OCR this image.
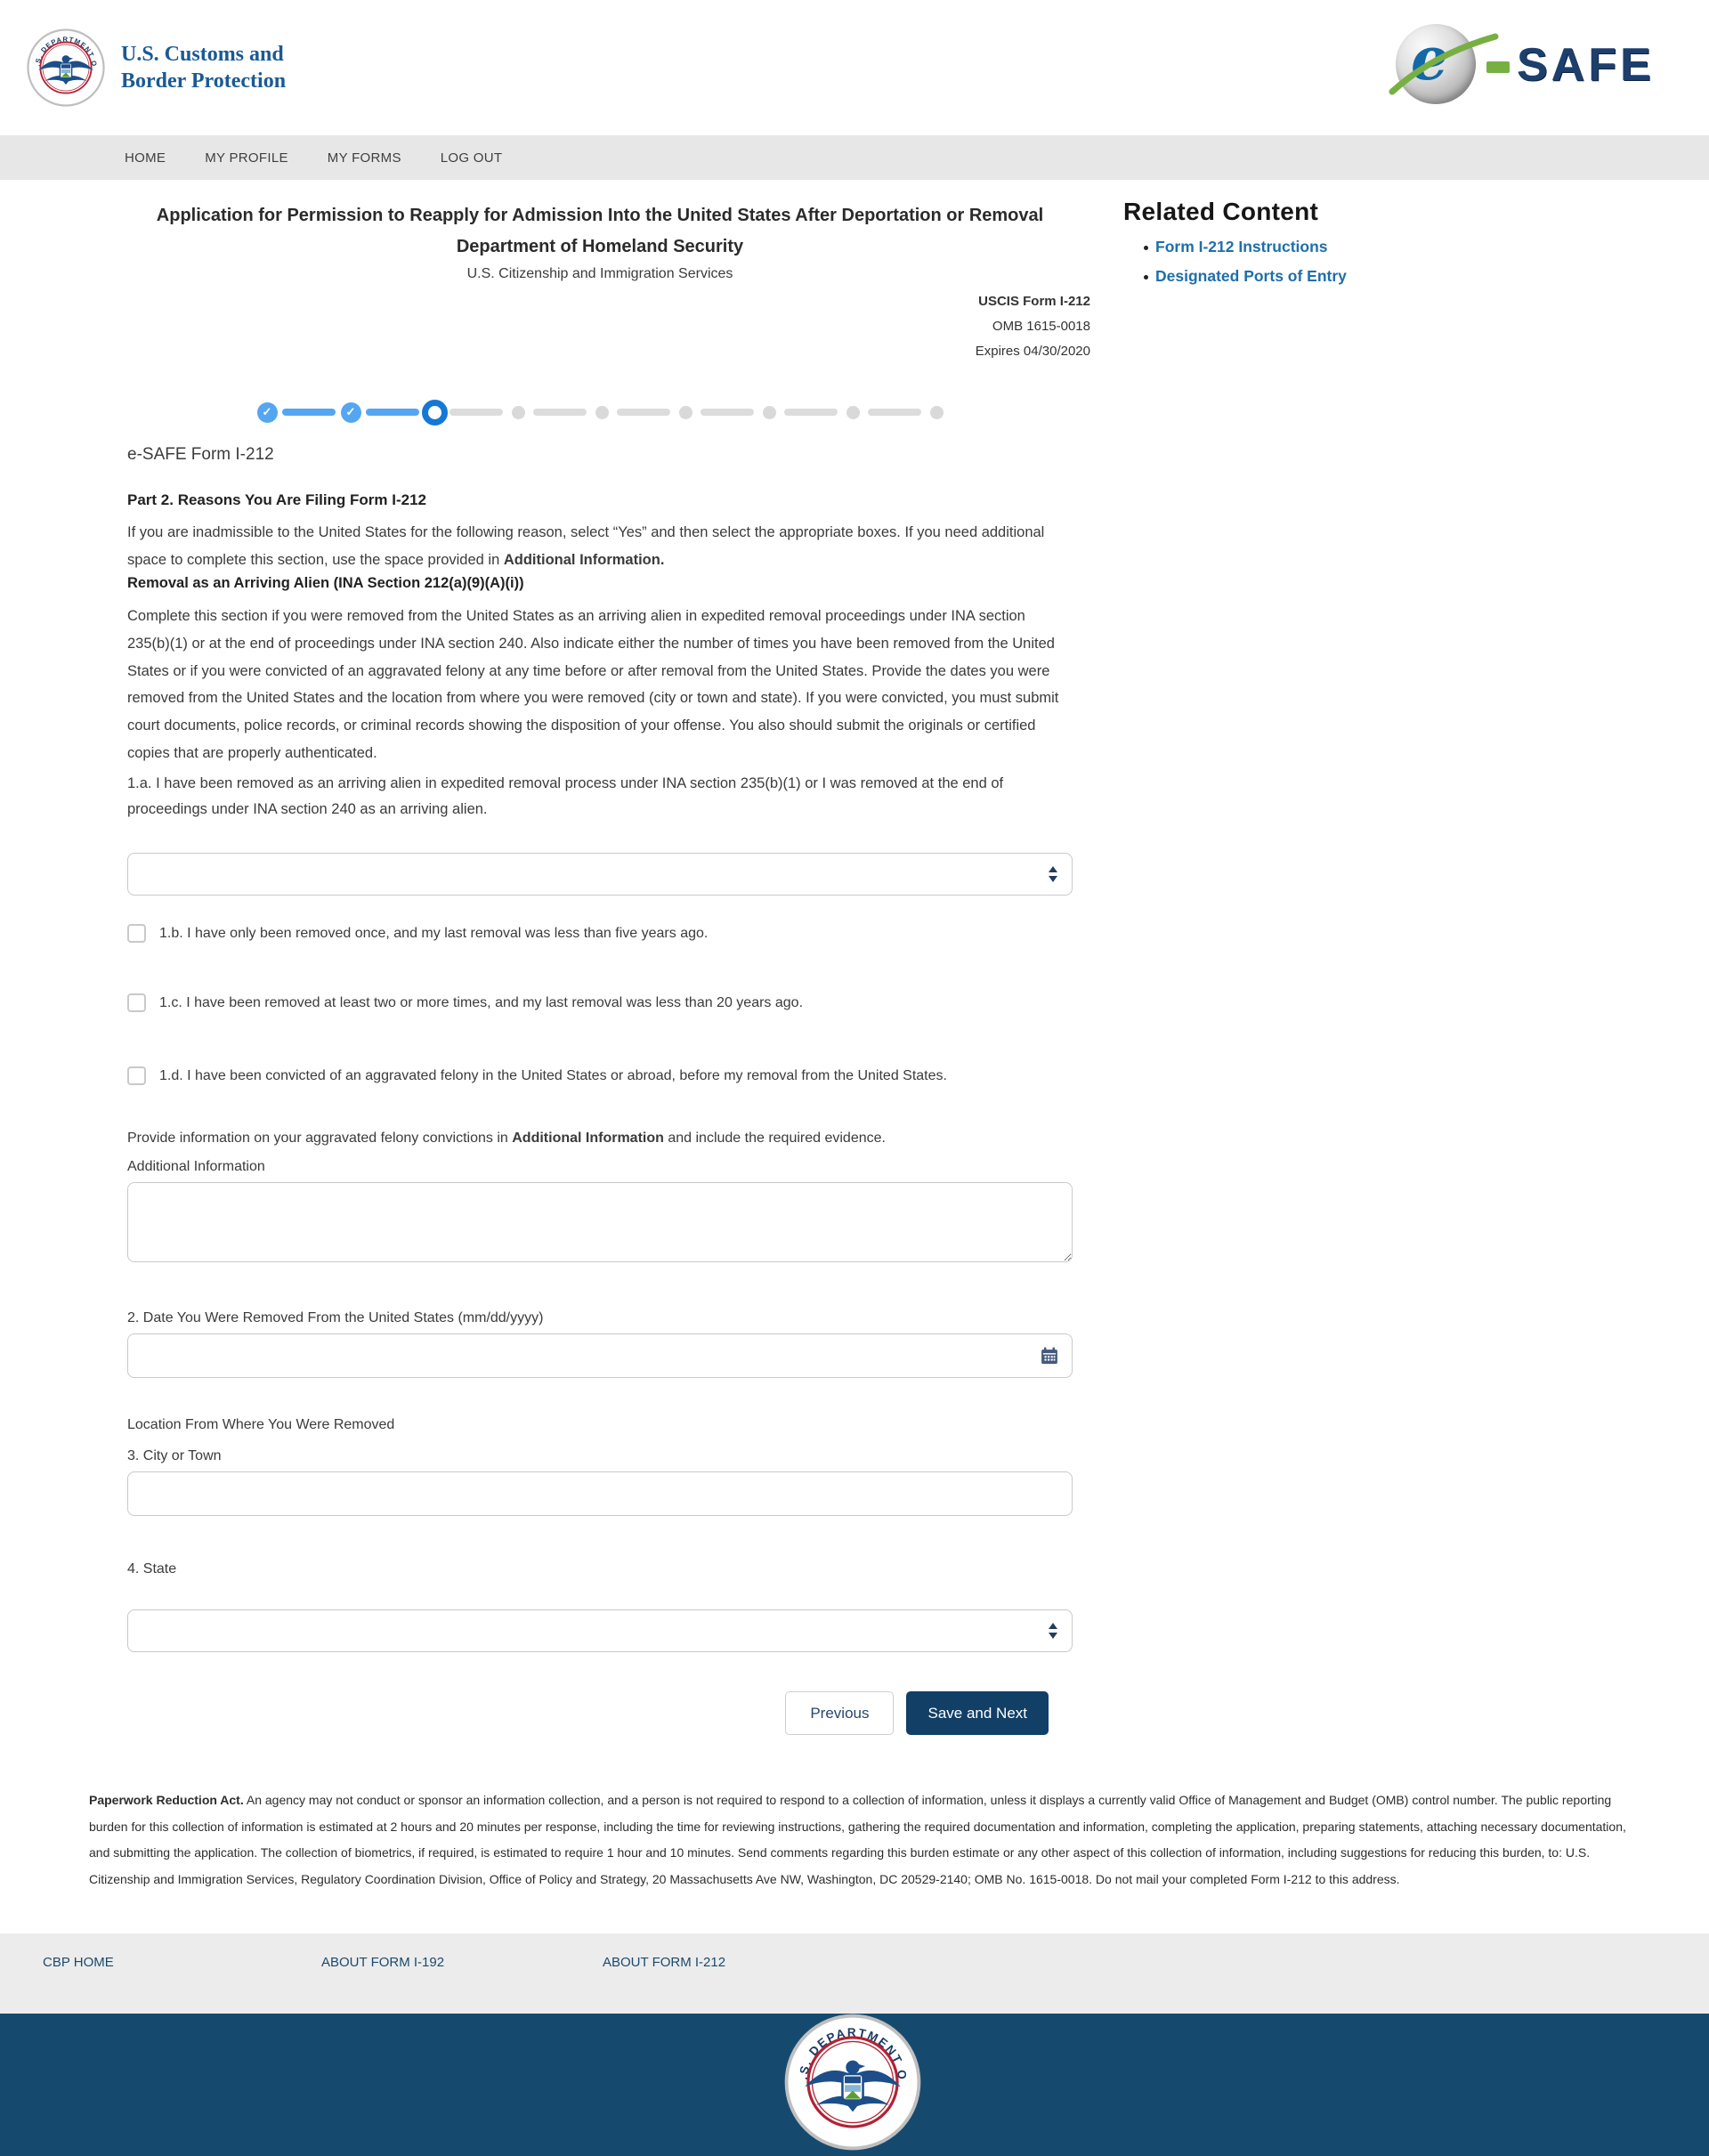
U.S. Customs and
Border Protection	e SAFE
HOME	MY PROFILE	MY FORMS	LOG OUT
Application for Permission to Reapply for Admission Into the United States After Deportation or Removal
Department of Homeland Security
U.S. Citizenship and Immigration Services
USCIS Form I-212
OMB 1615-0018
Expires 04/30/2020
Related Content
Form I-212 Instructions
Designated Ports of Entry
✓
✓
e-SAFE Form I-212
Part 2. Reasons You Are Filing Form I-212
If you are inadmissible to the United States for the following reason, select “Yes” and then select the appropriate boxes. If you need additional space to complete this section, use the space provided in Additional Information.
Removal as an Arriving Alien (INA Section 212(a)(9)(A)(i))
Complete this section if you were removed from the United States as an arriving alien in expedited removal proceedings under INA section 235(b)(1) or at the end of proceedings under INA section 240. Also indicate either the number of times you have been removed from the United States or if you were convicted of an aggravated felony at any time before or after removal from the United States. Provide the dates you were removed from the United States and the location from where you were removed (city or town and state). If you were convicted, you must submit court documents, police records, or criminal records showing the disposition of your offense. You also should submit the originals or certified copies that are properly authenticated.
1.a. I have been removed as an arriving alien in expedited removal process under INA section 235(b)(1) or I was removed at the end of proceedings under INA section 240 as an arriving alien.
1.b. I have only been removed once, and my last removal was less than five years ago.
1.c. I have been removed at least two or more times, and my last removal was less than 20 years ago.
1.d. I have been convicted of an aggravated felony in the United States or abroad, before my removal from the United States.
Provide information on your aggravated felony convictions in Additional Information and include the required evidence.
Additional Information
2. Date You Were Removed From the United States (mm/dd/yyyy)
Location From Where You Were Removed
3. City or Town
4. State
Previous	Save and Next
Paperwork Reduction Act. An agency may not conduct or sponsor an information collection, and a person is not required to respond to a collection of information, unless it displays a currently valid Office of Management and Budget (OMB) control number. The public reporting burden for this collection of information is estimated at 2 hours and 20 minutes per response, including the time for reviewing instructions, gathering the required documentation and information, completing the application, preparing statements, attaching necessary documentation, and submitting the application. The collection of biometrics, if required, is estimated to require 1 hour and 10 minutes. Send comments regarding this burden estimate or any other aspect of this collection of information, including suggestions for reducing this burden, to: U.S. Citizenship and Immigration Services, Regulatory Coordination Division, Office of Policy and Strategy, 20 Massachusetts Ave NW, Washington, DC 20529-2140; OMB No. 1615-0018. Do not mail your completed Form I-212 to this address.
CBP HOME	ABOUT FORM I-192	ABOUT FORM I-212
